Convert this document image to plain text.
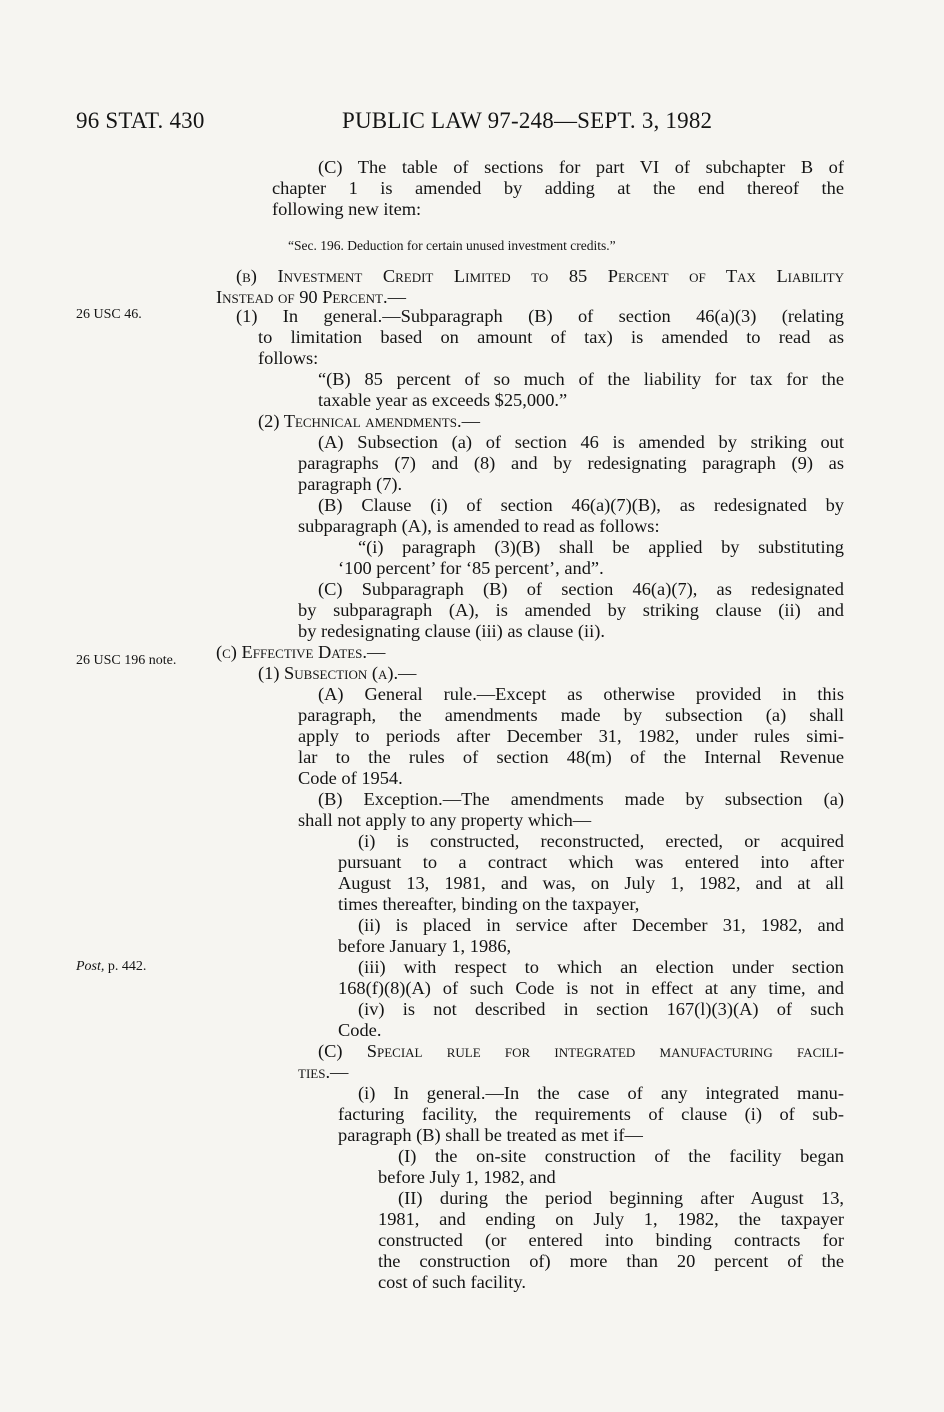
96 STAT. 430	PUBLIC LAW 97-248—SEPT. 3, 1982
26 USC 46.
26 USC 196 note.
Post, p. 442.
(C) The table of sections for part VI of subchapter B of
chapter 1 is amended by adding at the end thereof the
following new item:
“Sec. 196. Deduction for certain unused investment credits.”
(b) Investment Credit Limited to 85 Percent of Tax Liability
Instead of 90 Percent.—
(1) In general.—Subparagraph (B) of section 46(a)(3) (relating
to limitation based on amount of tax) is amended to read as
follows:
“(B) 85 percent of so much of the liability for tax for the
taxable year as exceeds $25,000.”
(2) Technical amendments.—
(A) Subsection (a) of section 46 is amended by striking out
paragraphs (7) and (8) and by redesignating paragraph (9) as
paragraph (7).
(B) Clause (i) of section 46(a)(7)(B), as redesignated by
subparagraph (A), is amended to read as follows:
“(i) paragraph (3)(B) shall be applied by substituting
‘100 percent’ for ‘85 percent’, and”.
(C) Subparagraph (B) of section 46(a)(7), as redesignated
by subparagraph (A), is amended by striking clause (ii) and
by redesignating clause (iii) as clause (ii).
(c) Effective Dates.—
(1) Subsection (a).—
(A) General rule.—Except as otherwise provided in this
paragraph, the amendments made by subsection (a) shall
apply to periods after December 31, 1982, under rules simi-
lar to the rules of section 48(m) of the Internal Revenue
Code of 1954.
(B) Exception.—The amendments made by subsection (a)
shall not apply to any property which—
(i) is constructed, reconstructed, erected, or acquired
pursuant to a contract which was entered into after
August 13, 1981, and was, on July 1, 1982, and at all
times thereafter, binding on the taxpayer,
(ii) is placed in service after December 31, 1982, and
before January 1, 1986,
(iii) with respect to which an election under section
168(f)(8)(A) of such Code is not in effect at any time, and
(iv) is not described in section 167(l)(3)(A) of such
Code.
(C) Special rule for integrated manufacturing facili-
ties.—
(i) In general.—In the case of any integrated manu-
facturing facility, the requirements of clause (i) of sub-
paragraph (B) shall be treated as met if—
(I) the on-site construction of the facility began
before July 1, 1982, and
(II) during the period beginning after August 13,
1981, and ending on July 1, 1982, the taxpayer
constructed (or entered into binding contracts for
the construction of) more than 20 percent of the
cost of such facility.
